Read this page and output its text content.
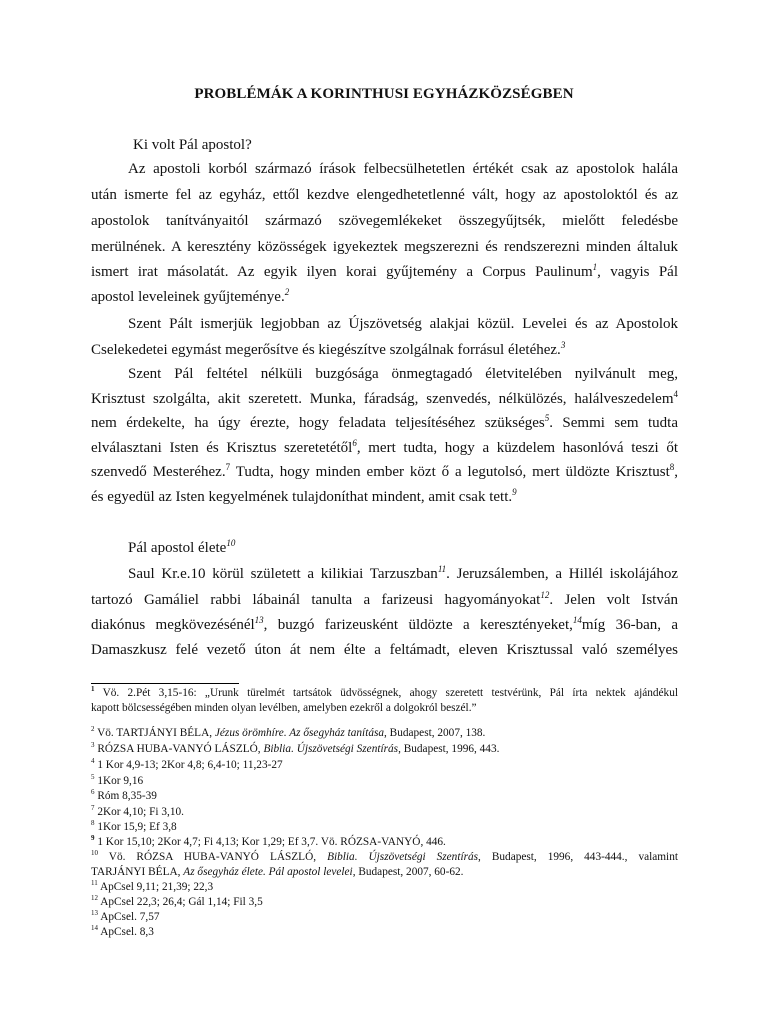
PROBLÉMÁK A KORINTHUSI EGYHÁZKÖZSÉGBEN
Ki volt Pál apostol?
Az apostoli korból származó írások felbecsülhetetlen értékét csak az apostolok halála
után ismerte fel az egyház, ettől kezdve elengedhetetlenné vált, hogy az apostoloktól és az
apostolok tanítványaitól származó szövegemlékeket összegyűjtsék, mielőtt feledésbe
merülnének. A keresztény közösségek igyekeztek megszerezni és rendszerezni minden általuk
ismert irat másolatát. Az egyik ilyen korai gyűjtemény a Corpus Paulinum$^1$, vagyis Pál
apostol leveleinek gyűjteménye.$^2$
Szent Pált ismerjük legjobban az Újszövetség alakjai közül. Levelei és az Apostolok
Cselekedetei egymást megerősítve és kiegészítve szolgálnak forrásul életéhez.$^3$
Szent Pál feltétel nélküli buzgósága önmegtagadó életvitelében nyilvánult meg,
Krisztust szolgálta, akit szeretett. Munka, fáradság, szenvedés, nélkülözés, halálveszedelem$^4$
nem érdekelte, ha úgy érezte, hogy feladata teljesítéséhez szükséges$^5$. Semmi sem tudta
elválasztani Isten és Krisztus szeretetétől$^6$, mert tudta, hogy a küzdelem hasonlóvá teszi őt
szenvedő Mesteréhez.$^7$ Tudta, hogy minden ember közt ő a legutolsó, mert üldözte Krisztust$^8$,
és egyedül az Isten kegyelmének tulajdoníthat mindent, amit csak tett.$^9$
Pál apostol élete$^{10}$
Saul Kr.e.10 körül született a kilikiai Tarzuszban$^{11}$. Jeruzsálemben, a Hillél iskolájához
tartozó Gamáliel rabbi lábainál tanulta a farizeusi hagyományokat$^{12}$. Jelen volt István
diakónus megkövezésénél$^{13}$, buzgó farizeusként üldözte a keresztényeket,$^{14}$míg 36-ban, a
Damaszkusz felé vezető úton át nem élte a feltámadt, eleven Krisztussal való személyes
$^1$ Vö. 2.Pét 3,15-16: „Urunk türelmét tartsátok üdvösségnek, ahogy szeretett testvérünk, Pál írta nektek ajándékul
kapott bölcsességében minden olyan levélben, amelyben ezekről a dolgokról beszél.”
$^2$ Vö. TARTJÁNYI BÉLA, Jézus örömhíre. Az ősegyház tanítása, Budapest, 2007, 138.
$^3$ RÓZSA HUBA-VANYÓ LÁSZLÓ, Biblia. Újszövetségi Szentírás, Budapest, 1996, 443.
$^4$ 1 Kor 4,9-13; 2Kor 4,8; 6,4-10; 11,23-27
$^5$ 1Kor 9,16
$^6$ Róm 8,35-39
$^7$ 2Kor 4,10; Fi 3,10.
$^8$ 1Kor 15,9; Ef 3,8
$^9$ 1 Kor 15,10; 2Kor 4,7; Fi 4,13; Kor 1,29; Ef 3,7. Vö. RÓZSA-VANYÓ, 446.
$^{10}$ Vö. RÓZSA HUBA-VANYÓ LÁSZLÓ, Biblia. Újszövetségi Szentírás, Budapest, 1996, 443-444., valamint
TARJÁNYI BÉLA, Az ősegyház élete. Pál apostol levelei, Budapest, 2007, 60-62.
$^{11}$ ApCsel 9,11; 21,39; 22,3
$^{12}$ ApCsel 22,3; 26,4; Gál 1,14; Fil 3,5
$^{13}$ ApCsel. 7,57
$^{14}$ ApCsel. 8,3
